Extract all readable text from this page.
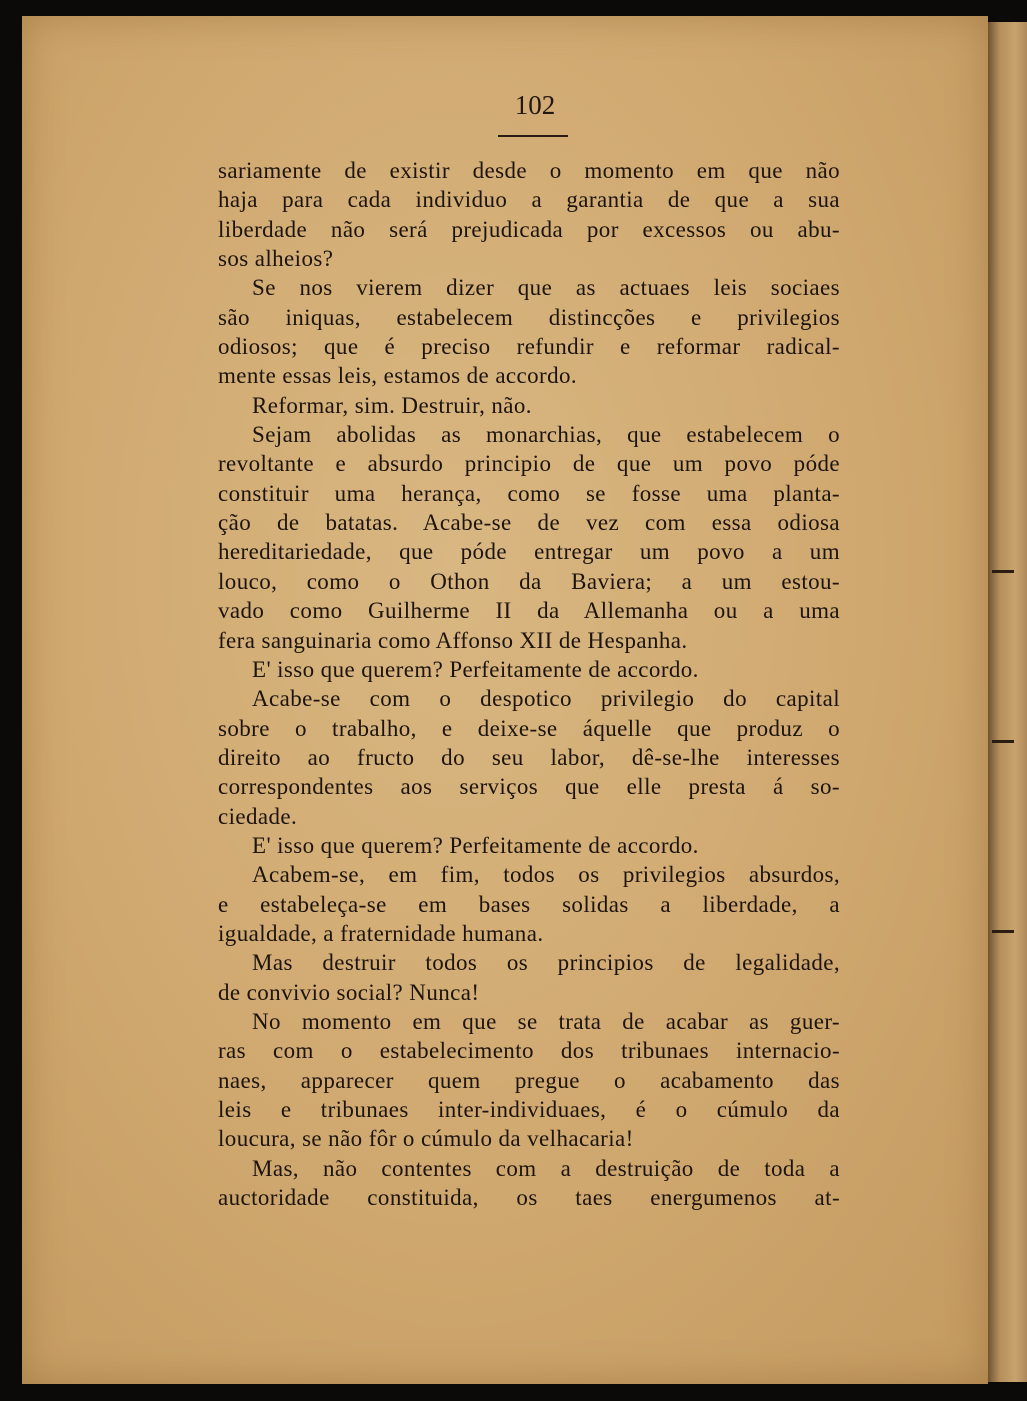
102
sariamente de existir desde o momento em que não
haja para cada individuo a garantia de que a sua
liberdade não será prejudicada por excessos ou abu-
sos alheios?
Se nos vierem dizer que as actuaes leis sociaes
são iniquas, estabelecem distincções e privilegios
odiosos; que é preciso refundir e reformar radical-
mente essas leis, estamos de accordo.
Reformar, sim. Destruir, não.
Sejam abolidas as monarchias, que estabelecem o
revoltante e absurdo principio de que um povo póde
constituir uma herança, como se fosse uma planta-
ção de batatas. Acabe-se de vez com essa odiosa
hereditariedade, que póde entregar um povo a um
louco, como o Othon da Baviera; a um estou-
vado como Guilherme II da Allemanha ou a uma
fera sanguinaria como Affonso XII de Hespanha.
E' isso que querem? Perfeitamente de accordo.
Acabe-se com o despotico privilegio do capital
sobre o trabalho, e deixe-se áquelle que produz o
direito ao fructo do seu labor, dê-se-lhe interesses
correspondentes aos serviços que elle presta á so-
ciedade.
E' isso que querem? Perfeitamente de accordo.
Acabem-se, em fim, todos os privilegios absurdos,
e estabeleça-se em bases solidas a liberdade, a
igualdade, a fraternidade humana.
Mas destruir todos os principios de legalidade,
de convivio social? Nunca!
No momento em que se trata de acabar as guer-
ras com o estabelecimento dos tribunaes internacio-
naes, apparecer quem pregue o acabamento das
leis e tribunaes inter-individuaes, é o cúmulo da
loucura, se não fôr o cúmulo da velhacaria!
Mas, não contentes com a destruição de toda a
auctoridade constituida, os taes energumenos at-
